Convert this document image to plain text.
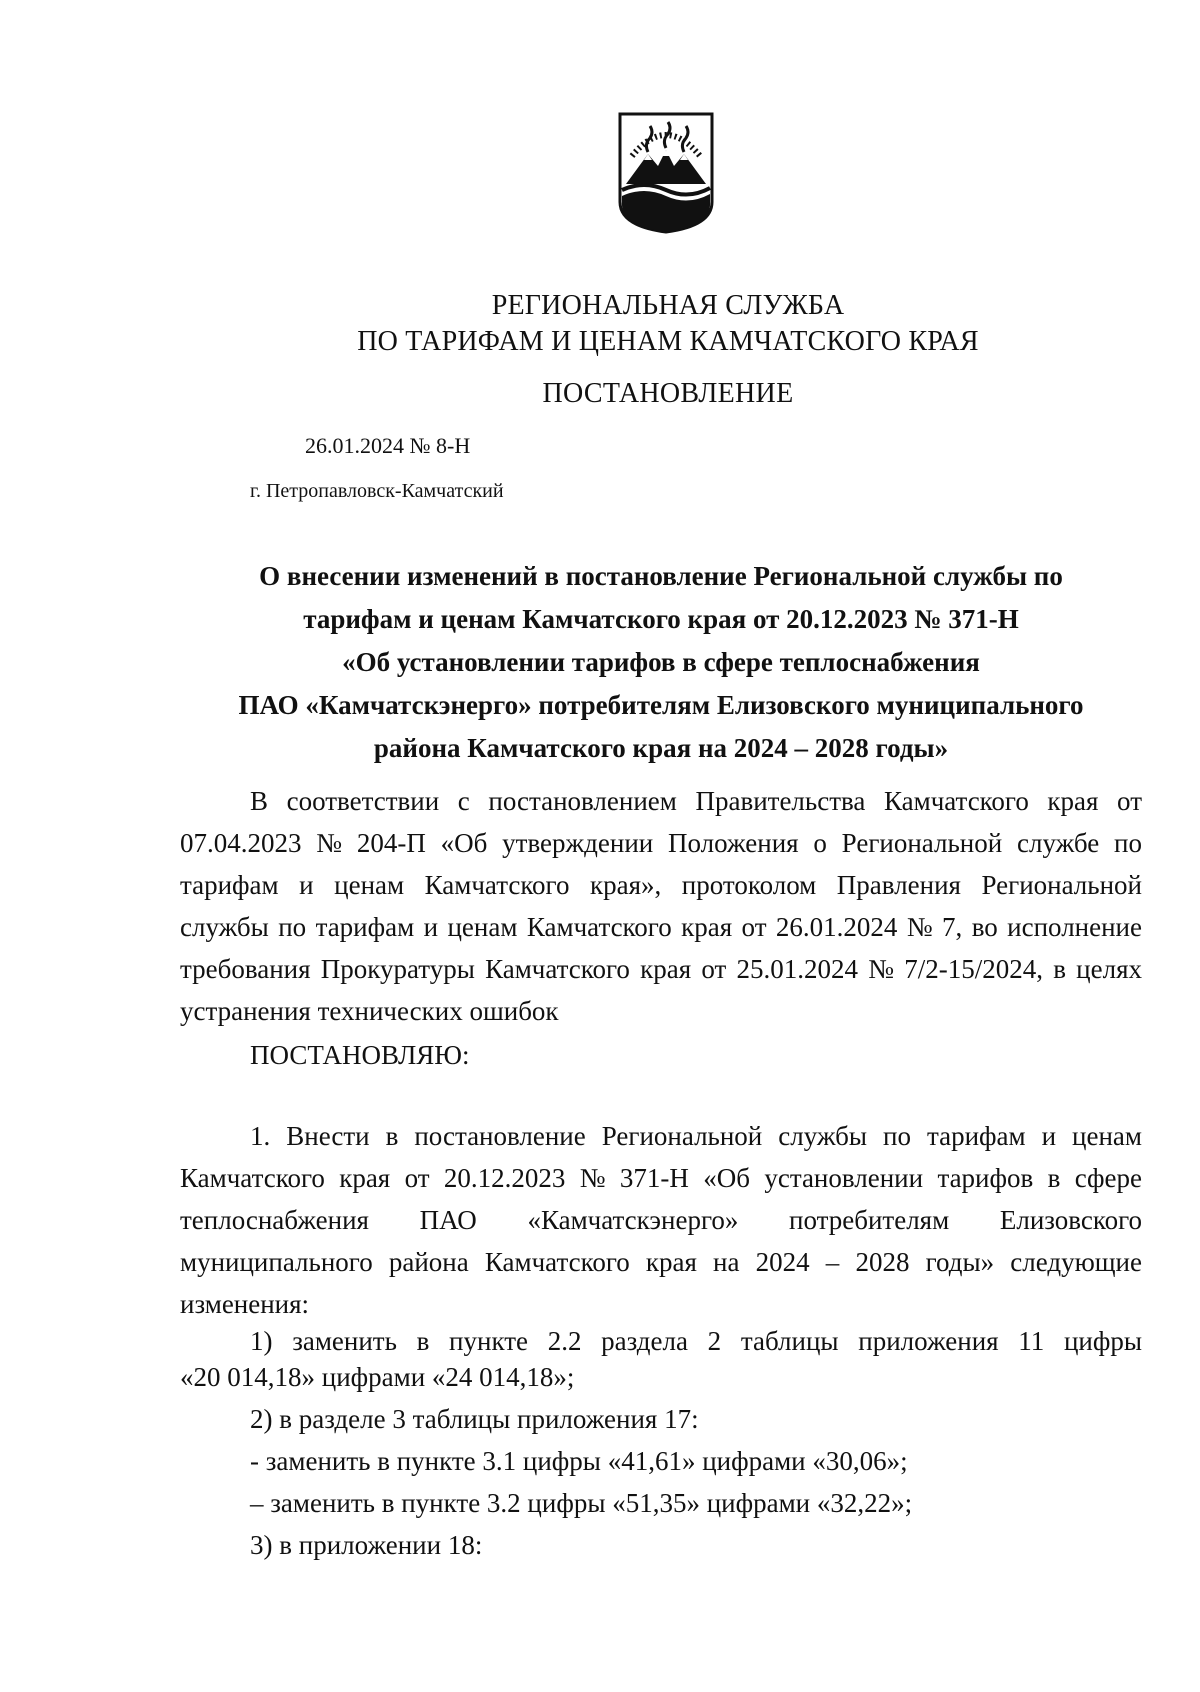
РЕГИОНАЛЬНАЯ СЛУЖБА
ПО ТАРИФАМ И ЦЕНАМ КАМЧАТСКОГО КРАЯ
ПОСТАНОВЛЕНИЕ
26.01.2024 № 8-Н
г. Петропавловск-Камчатский
О внесении изменений в постановление Региональной службы по
тарифам и ценам Камчатского края от 20.12.2023 № 371-Н
«Об установлении тарифов в сфере теплоснабжения
ПАО «Камчатскэнерго» потребителям Елизовского муниципального
района Камчатского края на 2024 – 2028 годы»
В соответствии с постановлением Правительства Камчатского края от
07.04.2023 № 204-П «Об утверждении Положения о Региональной службе по
тарифам и ценам Камчатского края», протоколом Правления Региональной
службы по тарифам и ценам Камчатского края от 26.01.2024 № 7, во исполнение
требования Прокуратуры Камчатского края от 25.01.2024 № 7/2-15/2024, в целях
устранения технических ошибок
ПОСТАНОВЛЯЮ:
1. Внести в постановление Региональной службы по тарифам и ценам
Камчатского края от 20.12.2023 № 371-Н «Об установлении тарифов в сфере
теплоснабжения ПАО «Камчатскэнерго» потребителям Елизовского
муниципального района Камчатского края на 2024 – 2028 годы» следующие
изменения:
1) заменить в пункте 2.2 раздела 2 таблицы приложения 11 цифры
«20 014,18» цифрами «24 014,18»;
2) в разделе 3 таблицы приложения 17:
- заменить в пункте 3.1 цифры «41,61» цифрами «30,06»;
– заменить в пункте 3.2 цифры «51,35» цифрами «32,22»;
3) в приложении 18:
